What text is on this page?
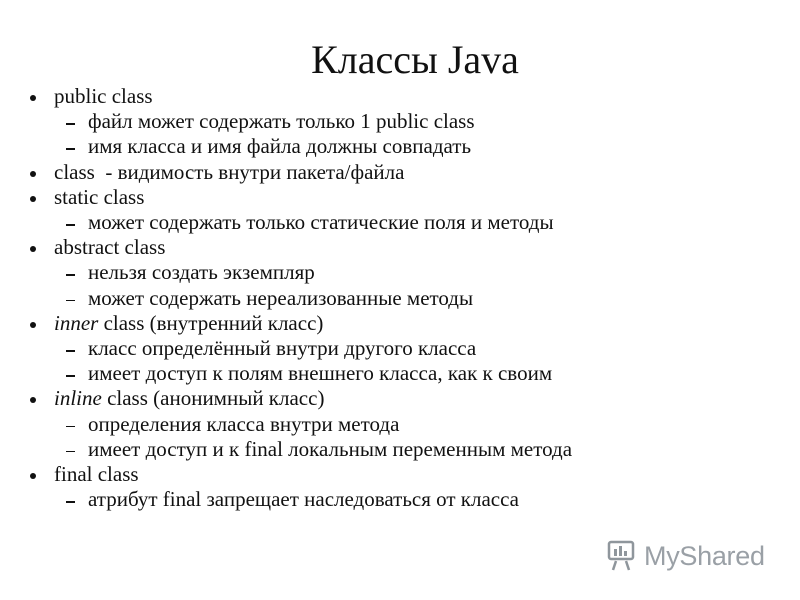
Классы Java
public class
файл может содержать только 1 public class
имя класса и имя файла должны совпадать
class  - видимость внутри пакета/файла
static class
может содержать только статические поля и методы
abstract class
нельзя создать экземпляр
может содержать нереализованные методы
inner class (внутренний класс)
класс определённый внутри другого класса
имеет доступ к полям внешнего класса, как к своим
inline class (анонимный класс)
определения класса внутри метода
имеет доступ и к final локальным переменным метода
final class
атрибут final запрещает наследоваться от класса
MyShared
